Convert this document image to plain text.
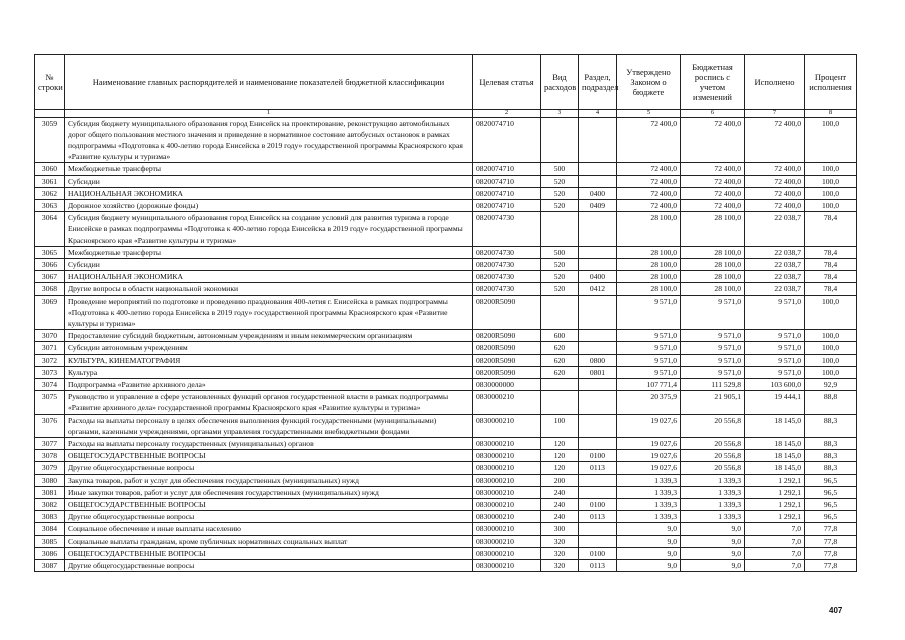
№ строки	Наименование главных распорядителей и наименование показателей бюджетной классификации	Целевая статья	Вид расходов	Раздел, подраздел	Утверждено Законом о бюджете	Бюджетная роспись с учетом изменений	Исполнено	Процент исполнения
	1	2	3	4	5	6	7	8
3059	Субсидия бюджету муниципального образования город Енисейск на проектирование, реконструкцию автомобильных дорог общего пользования местного значения и приведение в нормативное состояние автобусных остановок в рамках подпрограммы «Подготовка к 400-летию города Енисейска в 2019 году» государственной программы Красноярского края «Развитие культуры и туризма»	0820074710			72 400,0	72 400,0	72 400,0	100,0
3060	Межбюджетные трансферты	0820074710	500		72 400,0	72 400,0	72 400,0	100,0
3061	Субсидии	0820074710	520		72 400,0	72 400,0	72 400,0	100,0
3062	НАЦИОНАЛЬНАЯ ЭКОНОМИКА	0820074710	520	0400	72 400,0	72 400,0	72 400,0	100,0
3063	Дорожное хозяйство (дорожные фонды)	0820074710	520	0409	72 400,0	72 400,0	72 400,0	100,0
3064	Субсидия бюджету муниципального образования город Енисейск на создание условий для развития туризма в городе Енисейске в рамках подпрограммы «Подготовка к 400-летию города Енисейска в 2019 году» государственной программы Красноярского края «Развитие культуры и туризма»	0820074730			28 100,0	28 100,0	22 038,7	78,4
3065	Межбюджетные трансферты	0820074730	500		28 100,0	28 100,0	22 038,7	78,4
3066	Субсидии	0820074730	520		28 100,0	28 100,0	22 038,7	78,4
3067	НАЦИОНАЛЬНАЯ ЭКОНОМИКА	0820074730	520	0400	28 100,0	28 100,0	22 038,7	78,4
3068	Другие вопросы в области национальной экономики	0820074730	520	0412	28 100,0	28 100,0	22 038,7	78,4
3069	Проведение мероприятий по подготовке и проведению празднования 400-летия г. Енисейска в рамках подпрограммы «Подготовка к 400-летию города Енисейска в 2019 году» государственной программы Красноярского края «Развитие культуры и туризма»	08200R5090			9 571,0	9 571,0	9 571,0	100,0
3070	Предоставление субсидий бюджетным, автономным учреждениям и иным некоммерческим организациям	08200R5090	600		9 571,0	9 571,0	9 571,0	100,0
3071	Субсидии автономным учреждениям	08200R5090	620		9 571,0	9 571,0	9 571,0	100,0
3072	КУЛЬТУРА, КИНЕМАТОГРАФИЯ	08200R5090	620	0800	9 571,0	9 571,0	9 571,0	100,0
3073	Культура	08200R5090	620	0801	9 571,0	9 571,0	9 571,0	100,0
3074	Подпрограмма «Развитие архивного дела»	0830000000			107 771,4	111 529,8	103 600,0	92,9
3075	Руководство и управление в сфере установленных функций органов государственной власти в рамках подпрограммы «Развитие архивного дела» государственной программы Красноярского края «Развитие культуры и туризма»	0830000210			20 375,9	21 905,1	19 444,1	88,8
3076	Расходы на выплаты персоналу в целях обеспечения выполнения функций государственными (муниципальными) органами, казенными учреждениями, органами управления государственными внебюджетными фондами	0830000210	100		19 027,6	20 556,8	18 145,0	88,3
3077	Расходы на выплаты персоналу государственных (муниципальных) органов	0830000210	120		19 027,6	20 556,8	18 145,0	88,3
3078	ОБЩЕГОСУДАРСТВЕННЫЕ ВОПРОСЫ	0830000210	120	0100	19 027,6	20 556,8	18 145,0	88,3
3079	Другие общегосударственные вопросы	0830000210	120	0113	19 027,6	20 556,8	18 145,0	88,3
3080	Закупка товаров, работ и услуг для обеспечения государственных (муниципальных) нужд	0830000210	200		1 339,3	1 339,3	1 292,1	96,5
3081	Иные закупки товаров, работ и услуг для обеспечения государственных (муниципальных) нужд	0830000210	240		1 339,3	1 339,3	1 292,1	96,5
3082	ОБЩЕГОСУДАРСТВЕННЫЕ ВОПРОСЫ	0830000210	240	0100	1 339,3	1 339,3	1 292,1	96,5
3083	Другие общегосударственные вопросы	0830000210	240	0113	1 339,3	1 339,3	1 292,1	96,5
3084	Социальное обеспечение и иные выплаты населению	0830000210	300		9,0	9,0	7,0	77,8
3085	Социальные выплаты гражданам, кроме публичных нормативных социальных выплат	0830000210	320		9,0	9,0	7,0	77,8
3086	ОБЩЕГОСУДАРСТВЕННЫЕ ВОПРОСЫ	0830000210	320	0100	9,0	9,0	7,0	77,8
3087	Другие общегосударственные вопросы	0830000210	320	0113	9,0	9,0	7,0	77,8
407
